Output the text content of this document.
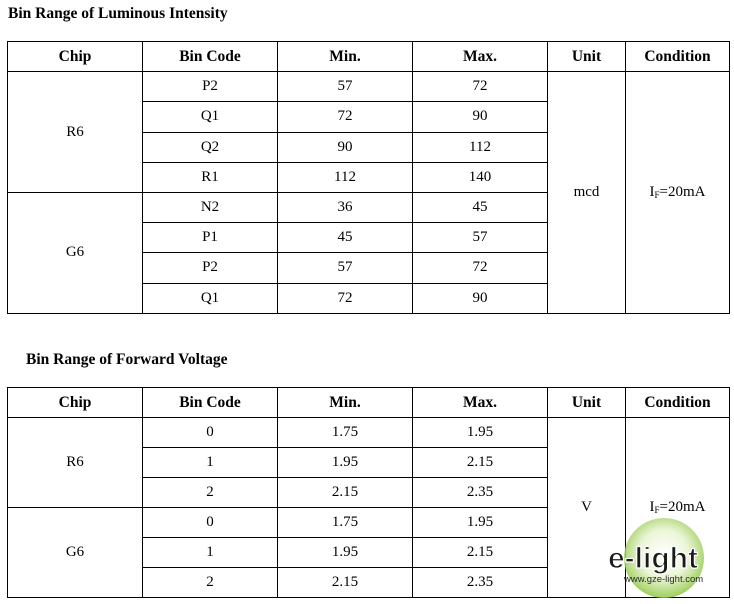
Bin Range of Luminous Intensity
Chip	Bin Code	Min.	Max.	Unit	Condition
R6	P2	57	72	mcd	$I_F=20mA$
	Q1	72	90		
	Q2	90	112		
	R1	112	140		
G6	N2	36	45		
	P1	45	57		
	P2	57	72		
	Q1	72	90		
Bin Range of Forward Voltage
Chip	Bin Code	Min.	Max.	Unit	Condition
R6	0	1.75	1.95	V	$I_F=20mA$
	1	1.95	2.15		
	2	2.15	2.35		
G6	0	1.75	1.95		
	1	1.95	2.15		
	2	2.15	2.35		
e-light
www.gze-light.com
